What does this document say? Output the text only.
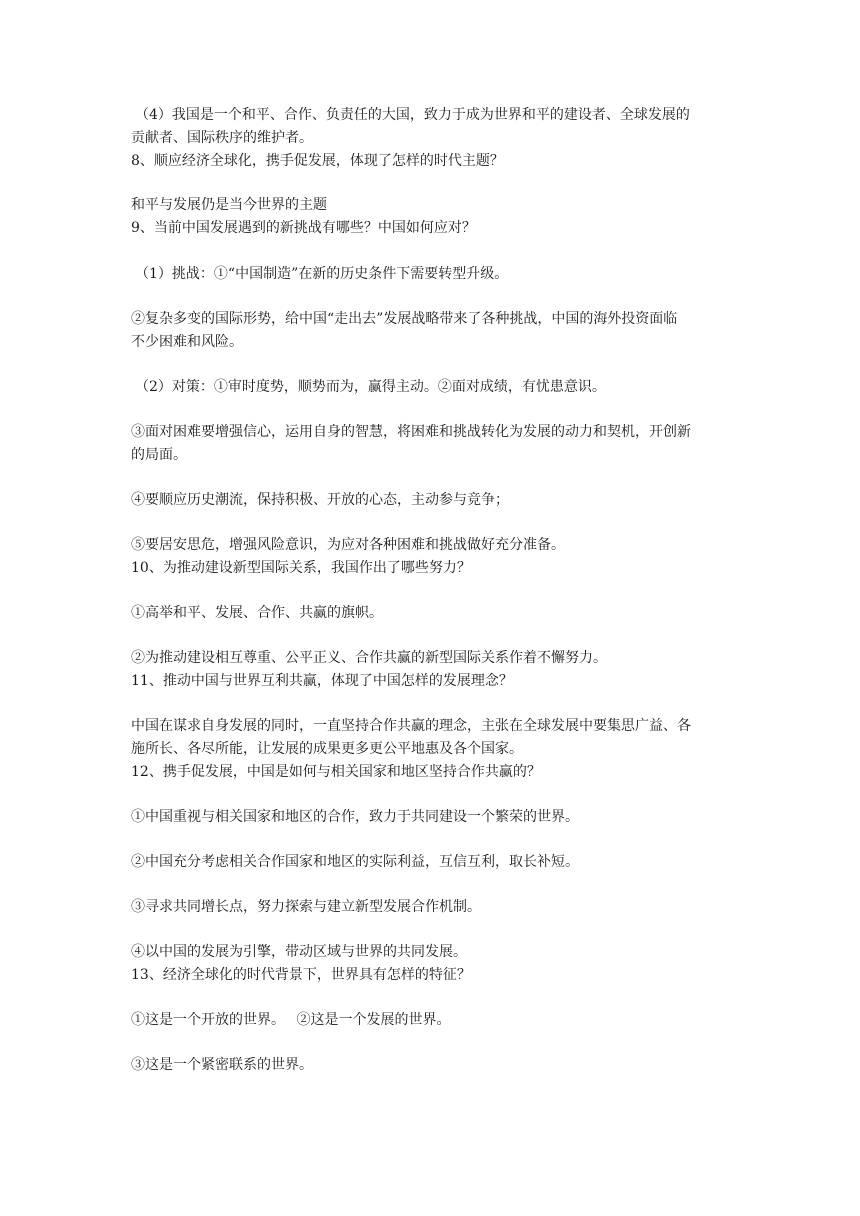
（4）我国是一个和平、合作、负责任的大国，致力于成为世界和平的建设者、全球发展的
贡献者、国际秩序的维护者。
8、顺应经济全球化，携手促发展，体现了怎样的时代主题？
和平与发展仍是当今世界的主题
9、当前中国发展遇到的新挑战有哪些？中国如何应对？
（1）挑战：①“中国制造”在新的历史条件下需要转型升级。
②复杂多变的国际形势，给中国“走出去”发展战略带来了各种挑战，中国的海外投资面临
不少困难和风险。
（2）对策：①审时度势，顺势而为，赢得主动。②面对成绩，有忧患意识。
③面对困难要增强信心，运用自身的智慧，将困难和挑战转化为发展的动力和契机，开创新
的局面。
④要顺应历史潮流，保持积极、开放的心态，主动参与竞争；
⑤要居安思危，增强风险意识，为应对各种困难和挑战做好充分准备。
10、为推动建设新型国际关系，我国作出了哪些努力？
①高举和平、发展、合作、共赢的旗帜。
②为推动建设相互尊重、公平正义、合作共赢的新型国际关系作着不懈努力。
11、推动中国与世界互利共赢，体现了中国怎样的发展理念？
中国在谋求自身发展的同时，一直坚持合作共赢的理念，主张在全球发展中要集思广益、各
施所长、各尽所能，让发展的成果更多更公平地惠及各个国家。
12、携手促发展，中国是如何与相关国家和地区坚持合作共赢的？
①中国重视与相关国家和地区的合作，致力于共同建设一个繁荣的世界。
②中国充分考虑相关合作国家和地区的实际利益，互信互利，取长补短。
③寻求共同增长点，努力探索与建立新型发展合作机制。
④以中国的发展为引擎，带动区域与世界的共同发展。
13、经济全球化的时代背景下，世界具有怎样的特征？
①这是一个开放的世界。　 ②这是一个发展的世界。
③这是一个紧密联系的世界。
